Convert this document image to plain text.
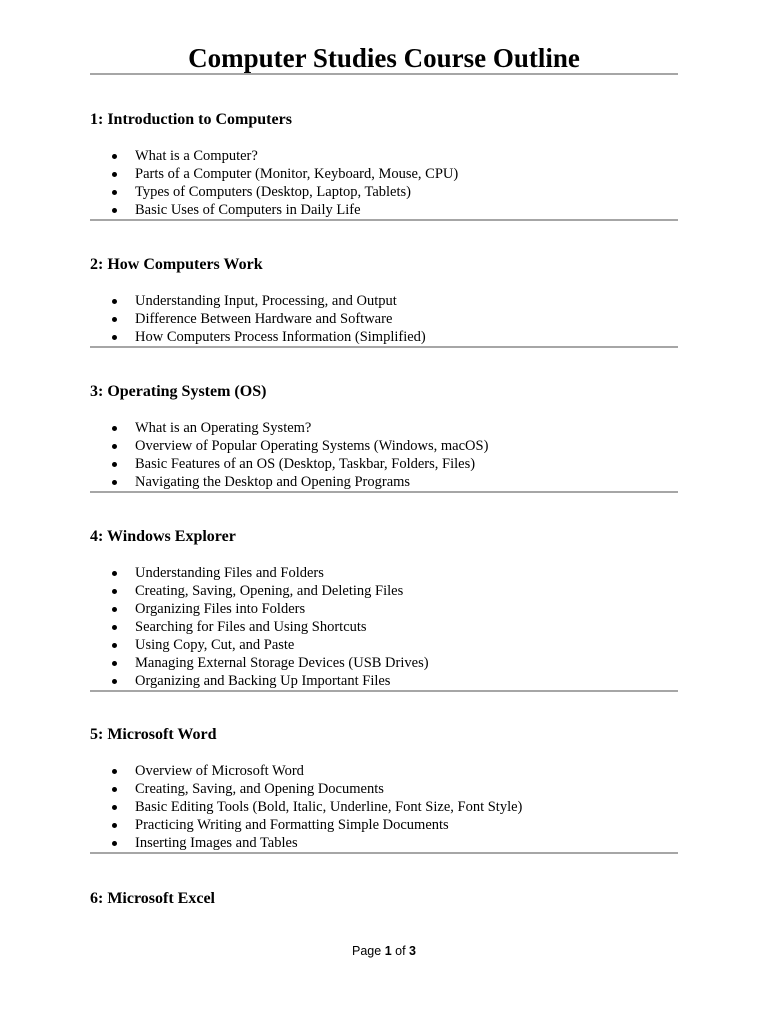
Computer Studies Course Outline
1: Introduction to Computers
What is a Computer?
Parts of a Computer (Monitor, Keyboard, Mouse, CPU)
Types of Computers (Desktop, Laptop, Tablets)
Basic Uses of Computers in Daily Life
2: How Computers Work
Understanding Input, Processing, and Output
Difference Between Hardware and Software
How Computers Process Information (Simplified)
3: Operating System (OS)
What is an Operating System?
Overview of Popular Operating Systems (Windows, macOS)
Basic Features of an OS (Desktop, Taskbar, Folders, Files)
Navigating the Desktop and Opening Programs
4: Windows Explorer
Understanding Files and Folders
Creating, Saving, Opening, and Deleting Files
Organizing Files into Folders
Searching for Files and Using Shortcuts
Using Copy, Cut, and Paste
Managing External Storage Devices (USB Drives)
Organizing and Backing Up Important Files
5: Microsoft Word
Overview of Microsoft Word
Creating, Saving, and Opening Documents
Basic Editing Tools (Bold, Italic, Underline, Font Size, Font Style)
Practicing Writing and Formatting Simple Documents
Inserting Images and Tables
6: Microsoft Excel
Page 1 of 3
